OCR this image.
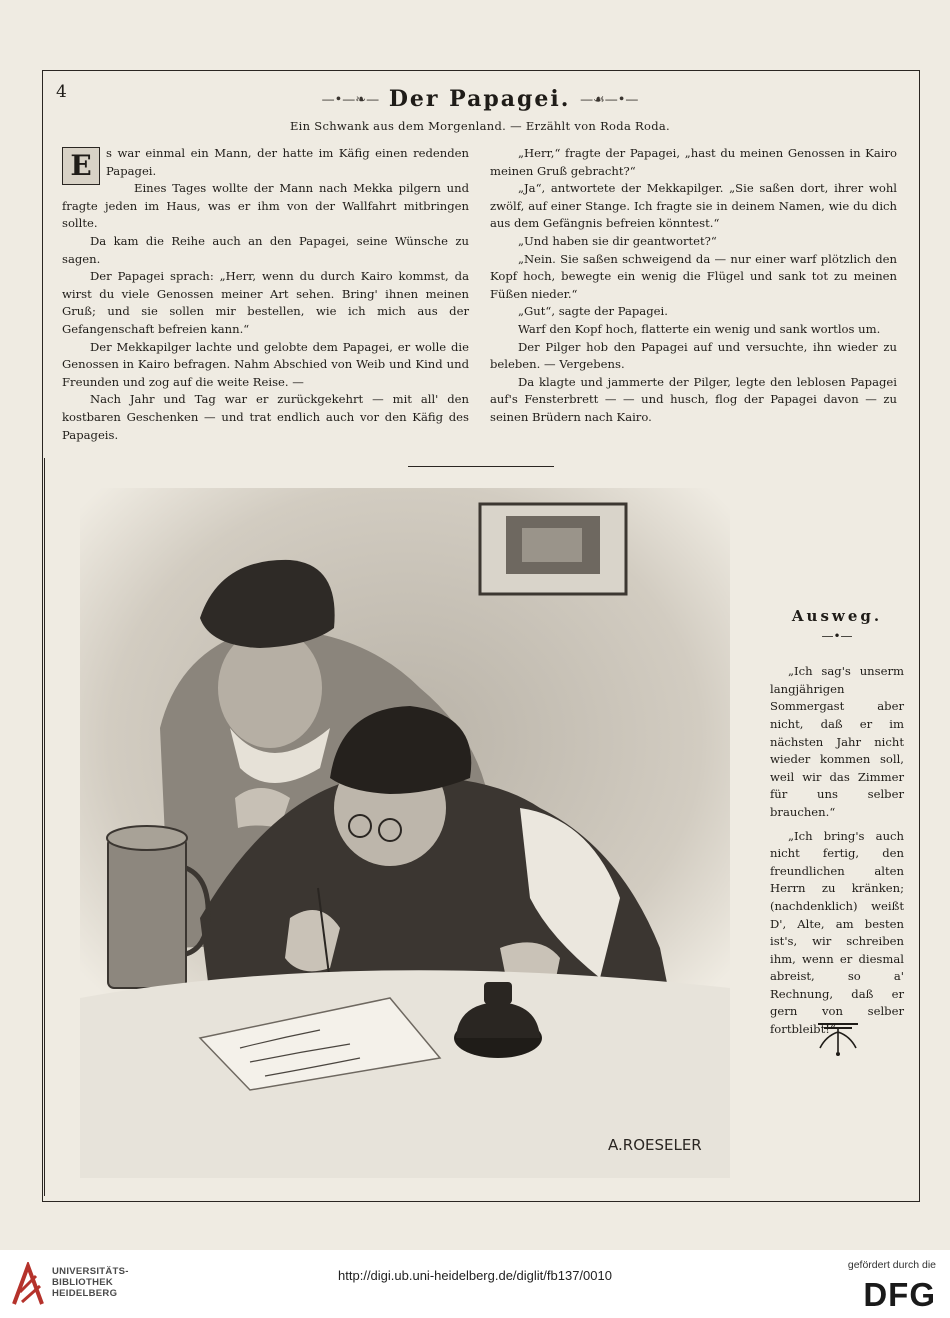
4	—•—❧— Der Papagei. —☙—•—
Ein Schwank aus dem Morgenland. — Erzählt von Roda Roda.

E	s war einmal ein Mann, der hatte im Käfig einen redenden Papagei.

Eines Tages wollte der Mann nach Mekka pilgern und fragte jeden im Haus, was er ihm von der Wallfahrt mitbringen sollte.

Da kam die Reihe auch an den Papagei, seine Wünsche zu sagen.

Der Papagei sprach: „Herr, wenn du durch Kairo kommst, da wirst du viele Genossen meiner Art sehen. Bring' ihnen meinen Gruß; und sie sollen mir bestellen, wie ich mich aus der Gefangenschaft befreien kann.“

Der Mekkapilger lachte und gelobte dem Papagei, er wolle die Genossen in Kairo befragen. Nahm Abschied von Weib und Kind und Freunden und zog auf die weite Reise. —

Nach Jahr und Tag war er zurückgekehrt — mit all' den kostbaren Geschenken — und trat endlich auch vor den Käfig des Papageis.

„Herr,“ fragte der Papagei, „hast du meinen Genossen in Kairo meinen Gruß gebracht?“

„Ja“, antwortete der Mekkapilger. „Sie saßen dort, ihrer wohl zwölf, auf einer Stange. Ich fragte sie in deinem Namen, wie du dich aus dem Gefängnis befreien könntest.“

„Und haben sie dir geantwortet?“

„Nein. Sie saßen schweigend da — nur einer warf plötzlich den Kopf hoch, bewegte ein wenig die Flügel und sank tot zu meinen Füßen nieder.“

„Gut“, sagte der Papagei.

Warf den Kopf hoch, flatterte ein wenig und sank wortlos um.

Der Pilger hob den Papagei auf und versuchte, ihn wieder zu beleben. — Vergebens.

Da klagte und jammerte der Pilger, legte den leblosen Papagei auf's Fensterbrett — — und husch, flog der Papagei davon — zu seinen Brüdern nach Kairo.

A.ROESELER
Ausweg.
—•—

„Ich sag's unserm langjährigen Sommergast aber nicht, daß er im nächsten Jahr nicht wieder kommen soll, weil wir das Zimmer für uns selber brauchen.“

„Ich bring's auch nicht fertig, den freundlichen alten Herrn zu kränken; (nachdenklich) weißt D', Alte, am besten ist's, wir schreiben ihm, wenn er diesmal abreist, so a' Rechnung, daß er gern von selber fortbleibt!“

UNIVERSITÄTS-
BIBLIOTHEK
HEIDELBERG
http://digi.ub.uni-heidelberg.de/diglit/fb137/0010
gefördert durch die
DFG
